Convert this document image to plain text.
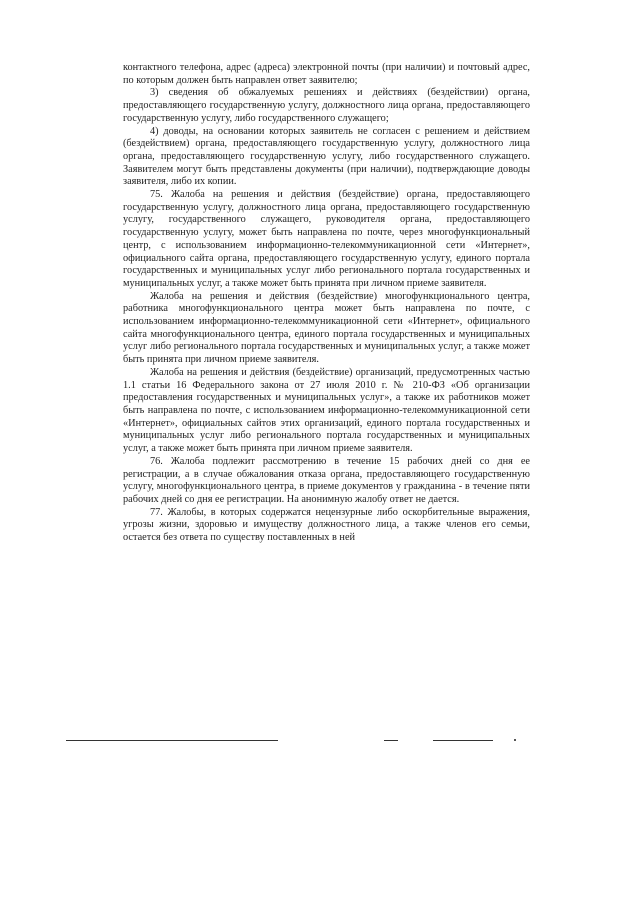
контактного телефона, адрес (адреса) электронной почты (при наличии) и почтовый адрес, по которым должен быть направлен ответ заявителю;

3) сведения об обжалуемых решениях и действиях (бездействии) органа, предоставляющего государственную услугу, должностного лица органа, предоставляющего государственную услугу, либо государственного служащего;

4) доводы, на основании которых заявитель не согласен с решением и действием (бездействием) органа, предоставляющего государственную услугу, должностного лица органа, предоставляющего государственную услугу, либо государственного служащего. Заявителем могут быть представлены документы (при наличии), подтверждающие доводы заявителя, либо их копии.

75. Жалоба на решения и действия (бездействие) органа, предоставляющего государственную услугу, должностного лица органа, предоставляющего государственную услугу, государственного служащего, руководителя органа, предоставляющего государственную услугу, может быть направлена по почте, через многофункциональный центр, с использованием информационно-телекоммуникационной сети «Интернет», официального сайта органа, предоставляющего государственную услугу, единого портала государственных и муниципальных услуг либо регионального портала государственных и муниципальных услуг, а также может быть принята при личном приеме заявителя.

Жалоба на решения и действия (бездействие) многофункционального центра, работника многофункционального центра может быть направлена по почте, с использованием информационно-телекоммуникационной сети «Интернет», официального сайта многофункционального центра, единого портала государственных и муниципальных услуг либо регионального портала государственных и муниципальных услуг, а также может быть принята при личном приеме заявителя.

Жалоба на решения и действия (бездействие) организаций, предусмотренных частью 1.1 статьи 16 Федерального закона от 27 июля 2010 г. № 210-ФЗ «Об организации предоставления государственных и муниципальных услуг», а также их работников может быть направлена по почте, с использованием информационно-телекоммуникационной сети «Интернет», официальных сайтов этих организаций, единого портала государственных и муниципальных услуг либо регионального портала государственных и муниципальных услуг, а также может быть принята при личном приеме заявителя.

76. Жалоба подлежит рассмотрению в течение 15 рабочих дней со дня ее регистрации, а в случае обжалования отказа органа, предоставляющего государственную услугу, многофункционального центра, в приеме документов у гражданина - в течение пяти рабочих дней со дня ее регистрации. На анонимную жалобу ответ не дается.

77. Жалобы, в которых содержатся нецензурные либо оскорбительные выражения, угрозы жизни, здоровью и имуществу должностного лица, а также членов его семьи, остается без ответа по существу поставленных в ней
